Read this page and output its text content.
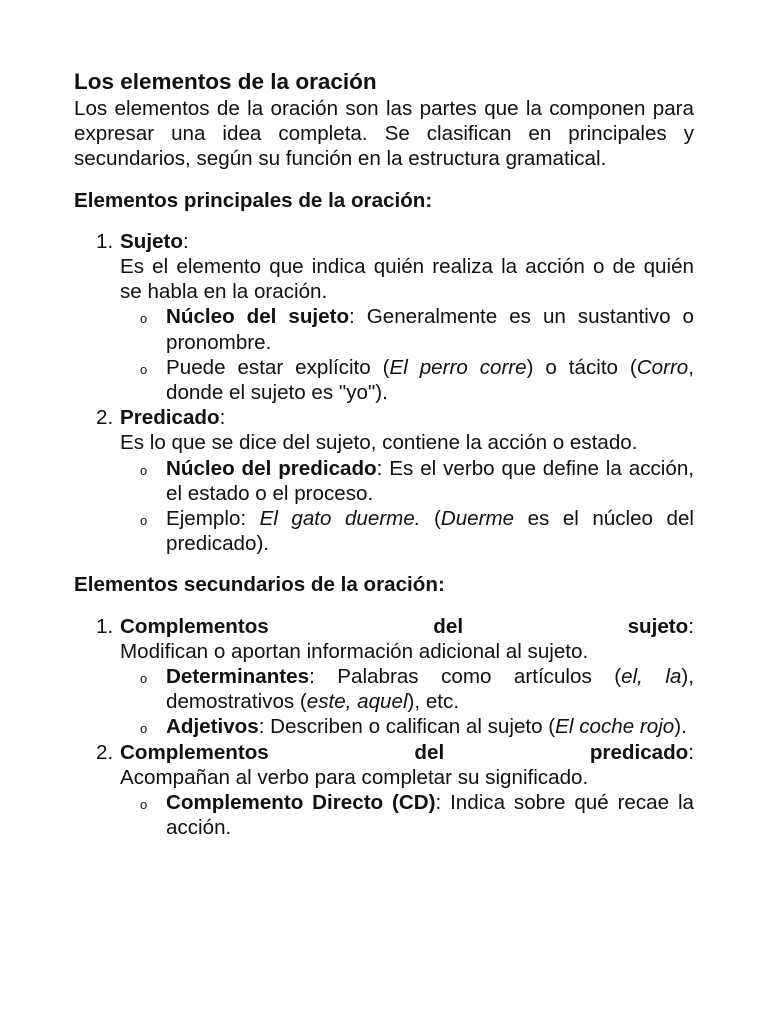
Los elementos de la oración

Los elementos de la oración son las partes que la componen para expresar una idea completa. Se clasifican en principales y secundarios, según su función en la estructura gramatical.

Elementos principales de la oración:
1. Sujeto:
Es el elemento que indica quién realiza la acción o de quién se habla en la oración.
o Núcleo del sujeto: Generalmente es un sustantivo o pronombre.
o Puede estar explícito (El perro corre) o tácito (Corro, donde el sujeto es "yo").
2. Predicado:
Es lo que se dice del sujeto, contiene la acción o estado.
o Núcleo del predicado: Es el verbo que define la acción, el estado o el proceso.
o Ejemplo: El gato duerme. (Duerme es el núcleo del predicado).
Elementos secundarios de la oración:
1. Complementos	del	sujeto:
Modifican o aportan información adicional al sujeto.
o Determinantes: Palabras como artículos (el, la), demostrativos (este, aquel), etc.
o Adjetivos: Describen o califican al sujeto (El coche rojo).
2. Complementos	del	predicado:
Acompañan al verbo para completar su significado.
o Complemento Directo (CD): Indica sobre qué recae la acción.
